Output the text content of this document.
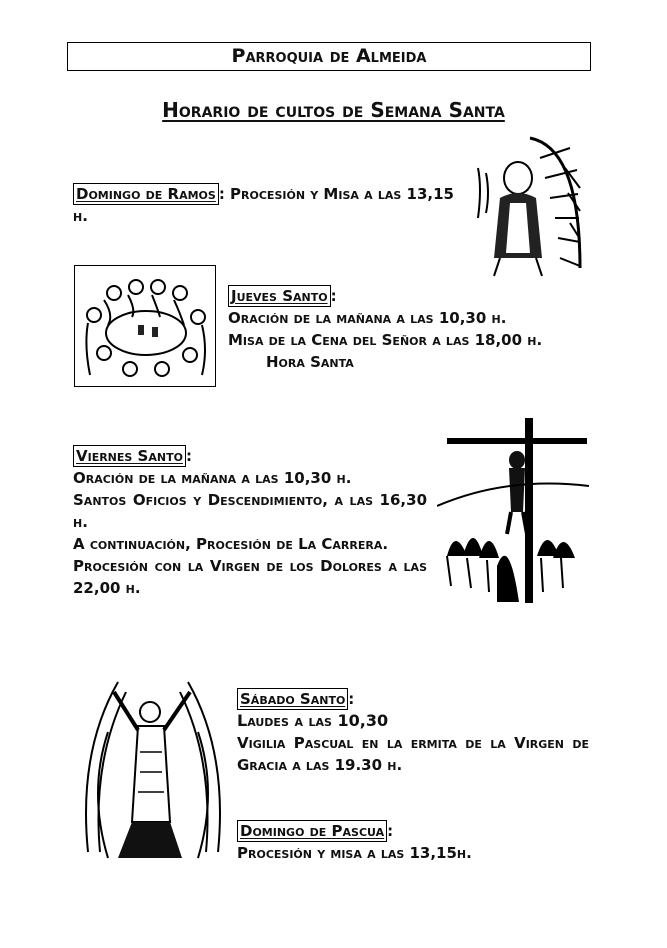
Parroquia de Almeida
Horario de cultos de Semana Santa
Domingo de Ramos : Procesión y Misa a las 13,15 h.
Jueves Santo :
Oración de la mañana a las 10,30 h.
Misa de la Cena del Señor a las 18,00 h.
Hora Santa
Viernes Santo :
Oración de la mañana a las 10,30 h.
Santos Oficios y Descendimiento, a las 16,30 h.
A continuación, Procesión de La Carrera.
Procesión con la Virgen de los Dolores a las 22,00 h.
Sábado Santo :
Laudes a las 10,30
Vigilia Pascual en la ermita de la Virgen de Gracia a las 19.30 h.
Domingo de Pascua :
Procesión y misa a las 13,15h.
